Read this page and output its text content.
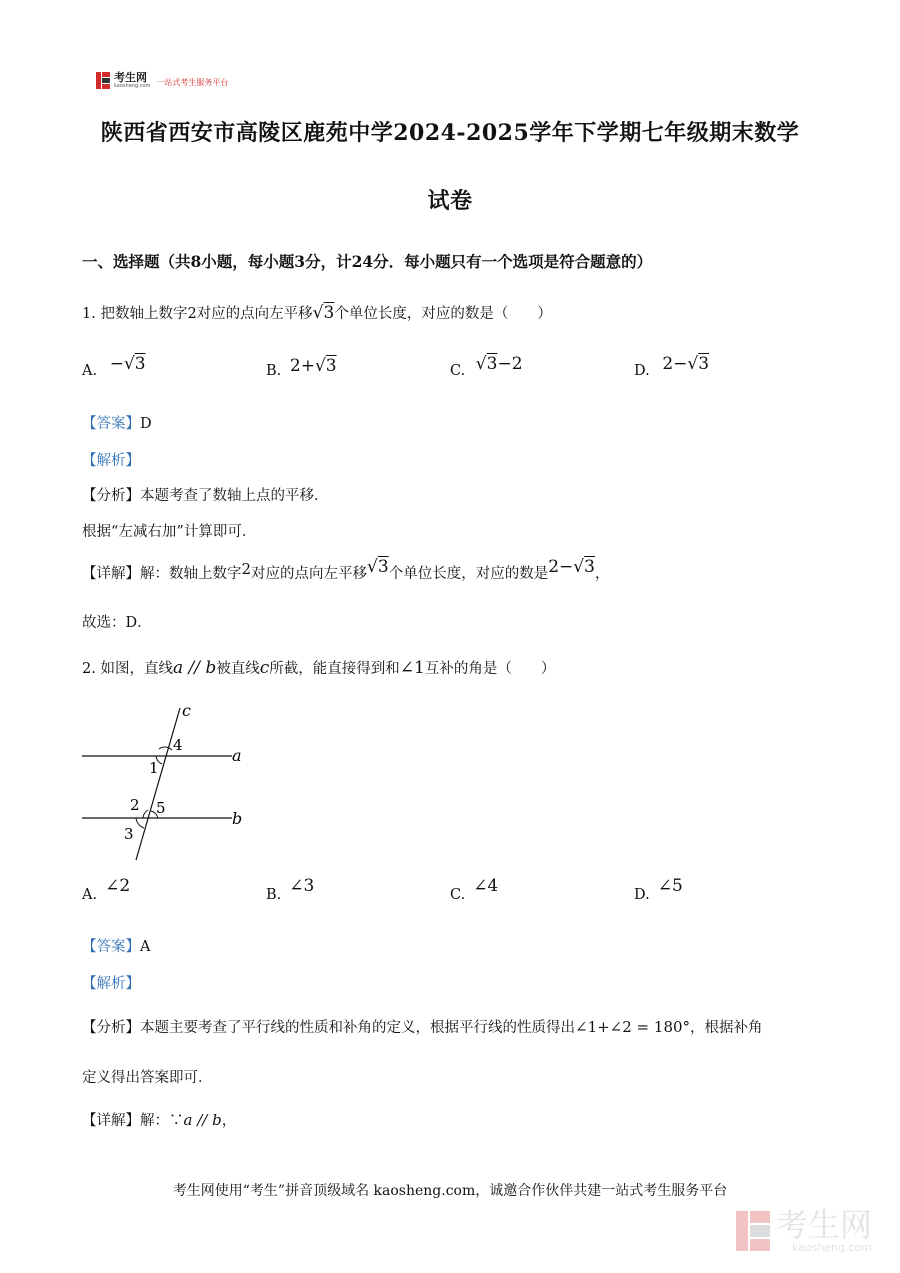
考生网
kaosheng.com 一站式考生服务平台
陕西省西安市高陵区鹿苑中学2024-2025学年下学期七年级期末数学
试卷
一、选择题（共8小题，每小题3分，计24分．每小题只有一个选项是符合题意的）
1. 把数轴上数字2对应的点向左平移√3个单位长度，对应的数是（　　）
A. −√3	B. 2+√3	C. √3−2	D. 2−√3
【答案】D
【解析】
【分析】本题考查了数轴上点的平移．
根据“左减右加”计算即可．
【详解】解：数轴上数字2对应的点向左平移√3个单位长度，对应的数是2−√3，
故选：D．
2. 如图，直线a // b被直线c所截，能直接得到和∠1互补的角是（　　）
c
a
b
4
1
2 5
3
A. ∠2	B. ∠3	C. ∠4	D. ∠5
【答案】A
【解析】
【分析】本题主要考查了平行线的性质和补角的定义，根据平行线的性质得出∠1+∠2 = 180°，根据补角
定义得出答案即可．
【详解】解：∵a // b，
考生网使用“考生”拼音顶级域名 kaosheng.com，诚邀合作伙伴共建一站式考生服务平台
考生网
kaosheng.com
